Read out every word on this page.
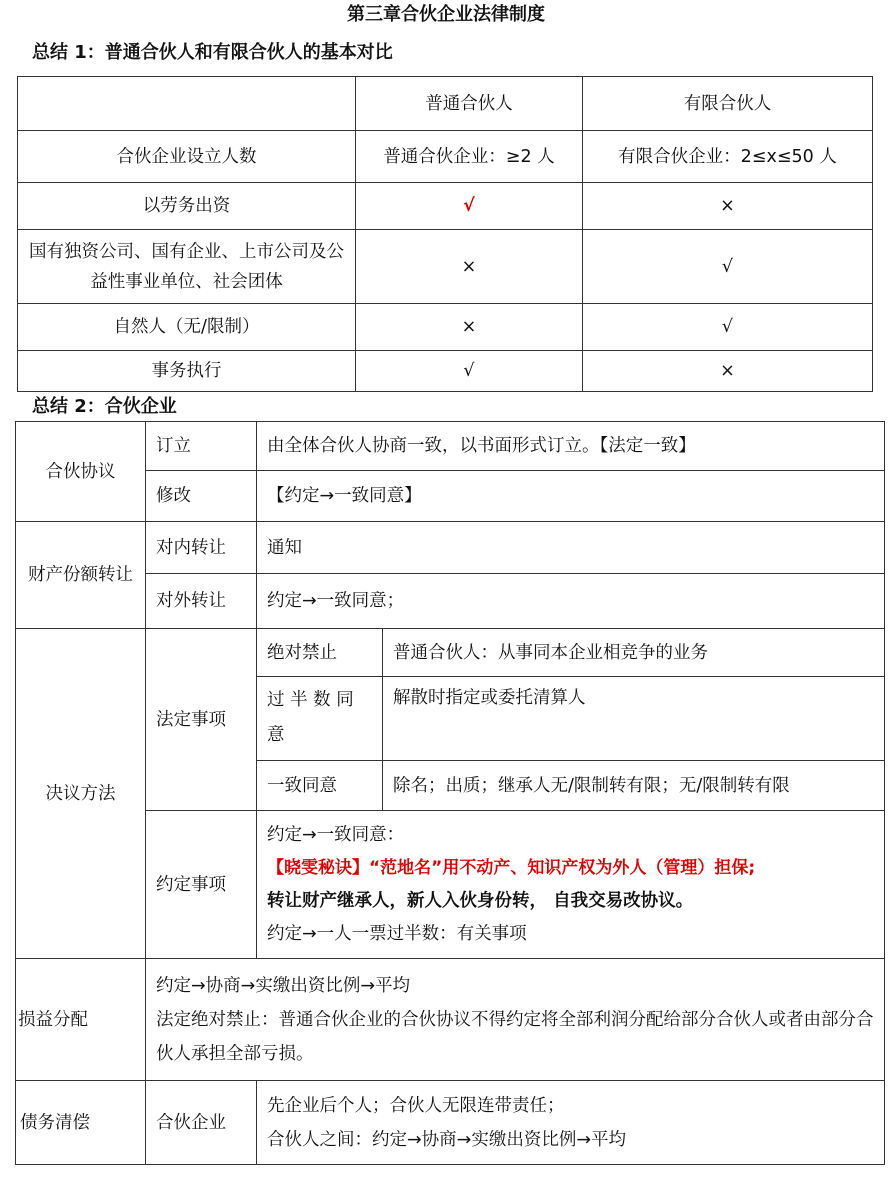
第三章合伙企业法律制度
总结 1：普通合伙人和有限合伙人的基本对比
	普通合伙人	有限合伙人
合伙企业设立人数	普通合伙企业：≥2 人	有限合伙企业：2≤x≤50 人
以劳务出资	√	×
国有独资公司、国有企业、上市公司及公益性事业单位、社会团体	×	√
自然人（无/限制）	×	√
事务执行	√	×
总结 2：合伙企业
合伙协议	订立	由全体合伙人协商一致，以书面形式订立。【法定一致】	
	修改	【约定→一致同意】	
财产份额转让	对内转让	通知	
	对外转让	约定→一致同意；	
决议方法	法定事项	绝对禁止	普通合伙人：从事同本企业相竞争的业务
		过 半 数 同 意	解散时指定或委托清算人
		一致同意	除名；出质；继承人无/限制转有限；无/限制转有限
	约定事项	约定→一致同意：
【晓雯秘诀】“范地名”用不动产、知识产权为外人（管理）担保;
转让财产继承人，新人入伙身份转， 自我交易改协议。
约定→一人一票过半数：有关事项	

损益分配	约定→协商→实缴出资比例→平均
法定绝对禁止：普通合伙企业的合伙协议不得约定将全部利润分配给部分合伙人或者由部分合伙人承担全部亏损。		

债务清偿	合伙企业	先企业后个人；合伙人无限连带责任；
合伙人之间：约定→协商→实缴出资比例→平均	
